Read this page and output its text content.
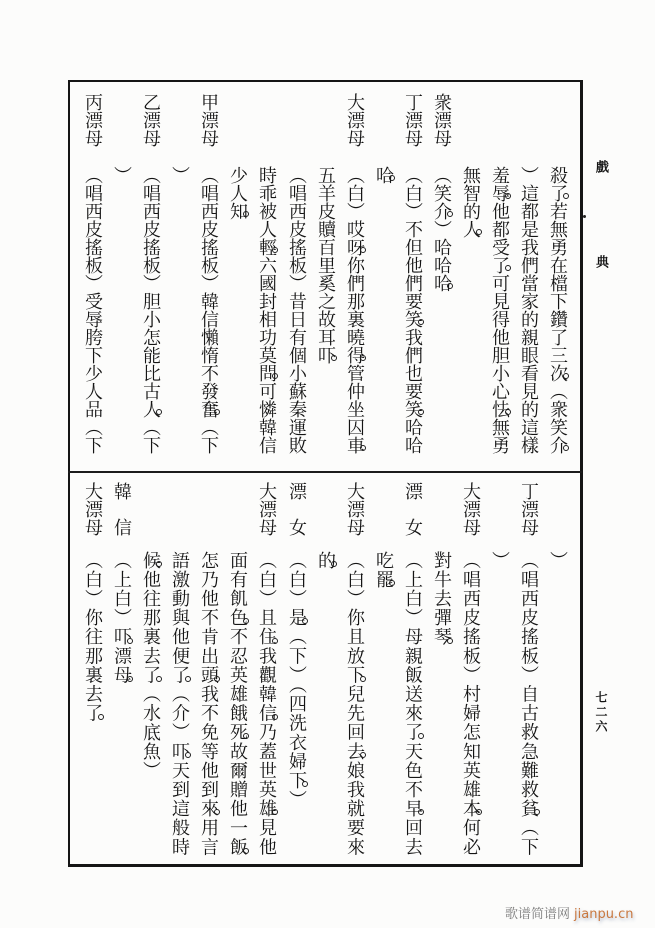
戲典
七二六
殺了若無勇在檔下鑽了三次（衆笑介
）這都是我們當家的親眼看見的這樣
羞辱他都受了可見得他胆小心怯無勇
無智的人
衆漂母
（笑介）哈哈哈
丁漂母
（白）不但他們要笑我們也要笑哈哈
哈
大漂母
（白）哎呀你們那裏曉得管仲坐囚車
五羊皮贖百里奚之故耳吓
（唱西皮搖板）昔日有個小蘇秦運敗
時乖被人輕六國封相功莫問可憐韓信
少人知
甲漂母
（唱西皮搖板）韓信懶惰不發奮（下
）
乙漂母
（唱西皮搖板）胆小怎能比古人（下
）
丙漂母
（唱西皮搖板）受辱胯下少人品（下
）
丁漂母
（唱西皮搖板）自古救急難救貧（下
）
大漂母
（唱西皮搖板）村婦怎知英雄本何必
對牛去彈琴
漂　女
（上白）母親飯送來了天色不早回去
吃罷
大漂母
（白）你且放下兒先回去娘我就要來
的
漂　女
（白）是（下）（四洗衣婦下）
大漂母
（白）且住我觀韓信乃蓋世英雄見他
面有飢色不忍英雄餓死故爾贈他一飯
怎乃他不肯出頭我不免等他到來用言
語激動與他便了（介）吓天到這般時
候他往那裏去了（水底魚）
韓　信
（上白）吓漂母
大漂母
（白）你往那裏去了
歌谱简谱网 jianpu.cn
